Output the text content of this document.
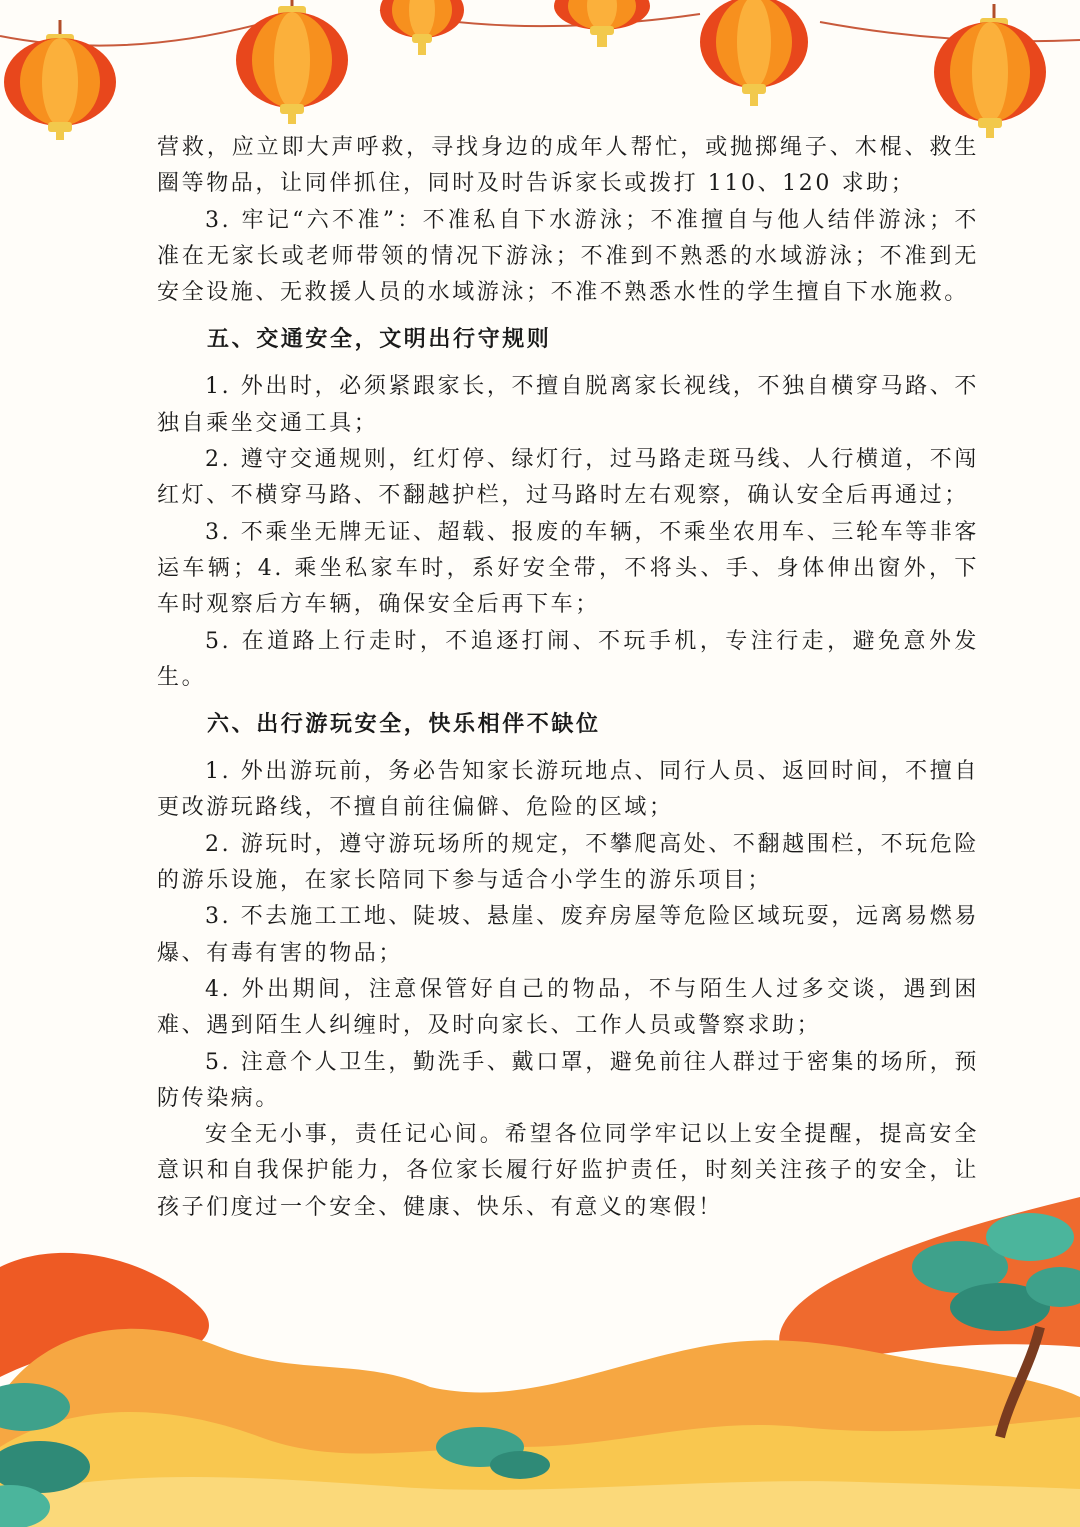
营救，应立即大声呼救，寻找身边的成年人帮忙，或抛掷绳子、木棍、救生圈等物品，让同伴抓住，同时及时告诉家长或拨打 110、120 求助；

3. 牢记“六不准”：不准私自下水游泳；不准擅自与他人结伴游泳；不准在无家长或老师带领的情况下游泳；不准到不熟悉的水域游泳；不准到无安全设施、无救援人员的水域游泳；不准不熟悉水性的学生擅自下水施救。

五、交通安全，文明出行守规则

1. 外出时，必须紧跟家长，不擅自脱离家长视线，不独自横穿马路、不独自乘坐交通工具；

2. 遵守交通规则，红灯停、绿灯行，过马路走斑马线、人行横道，不闯红灯、不横穿马路、不翻越护栏，过马路时左右观察，确认安全后再通过；

3. 不乘坐无牌无证、超载、报废的车辆，不乘坐农用车、三轮车等非客运车辆；4. 乘坐私家车时，系好安全带，不将头、手、身体伸出窗外，下车时观察后方车辆，确保安全后再下车；

5. 在道路上行走时，不追逐打闹、不玩手机，专注行走，避免意外发生。

六、出行游玩安全，快乐相伴不缺位

1. 外出游玩前，务必告知家长游玩地点、同行人员、返回时间，不擅自更改游玩路线，不擅自前往偏僻、危险的区域；

2. 游玩时，遵守游玩场所的规定，不攀爬高处、不翻越围栏，不玩危险的游乐设施，在家长陪同下参与适合小学生的游乐项目；

3. 不去施工工地、陡坡、悬崖、废弃房屋等危险区域玩耍，远离易燃易爆、有毒有害的物品；

4. 外出期间，注意保管好自己的物品，不与陌生人过多交谈，遇到困难、遇到陌生人纠缠时，及时向家长、工作人员或警察求助；

5. 注意个人卫生，勤洗手、戴口罩，避免前往人群过于密集的场所，预防传染病。

安全无小事，责任记心间。希望各位同学牢记以上安全提醒，提高安全意识和自我保护能力，各位家长履行好监护责任，时刻关注孩子的安全，让孩子们度过一个安全、健康、快乐、有意义的寒假！
